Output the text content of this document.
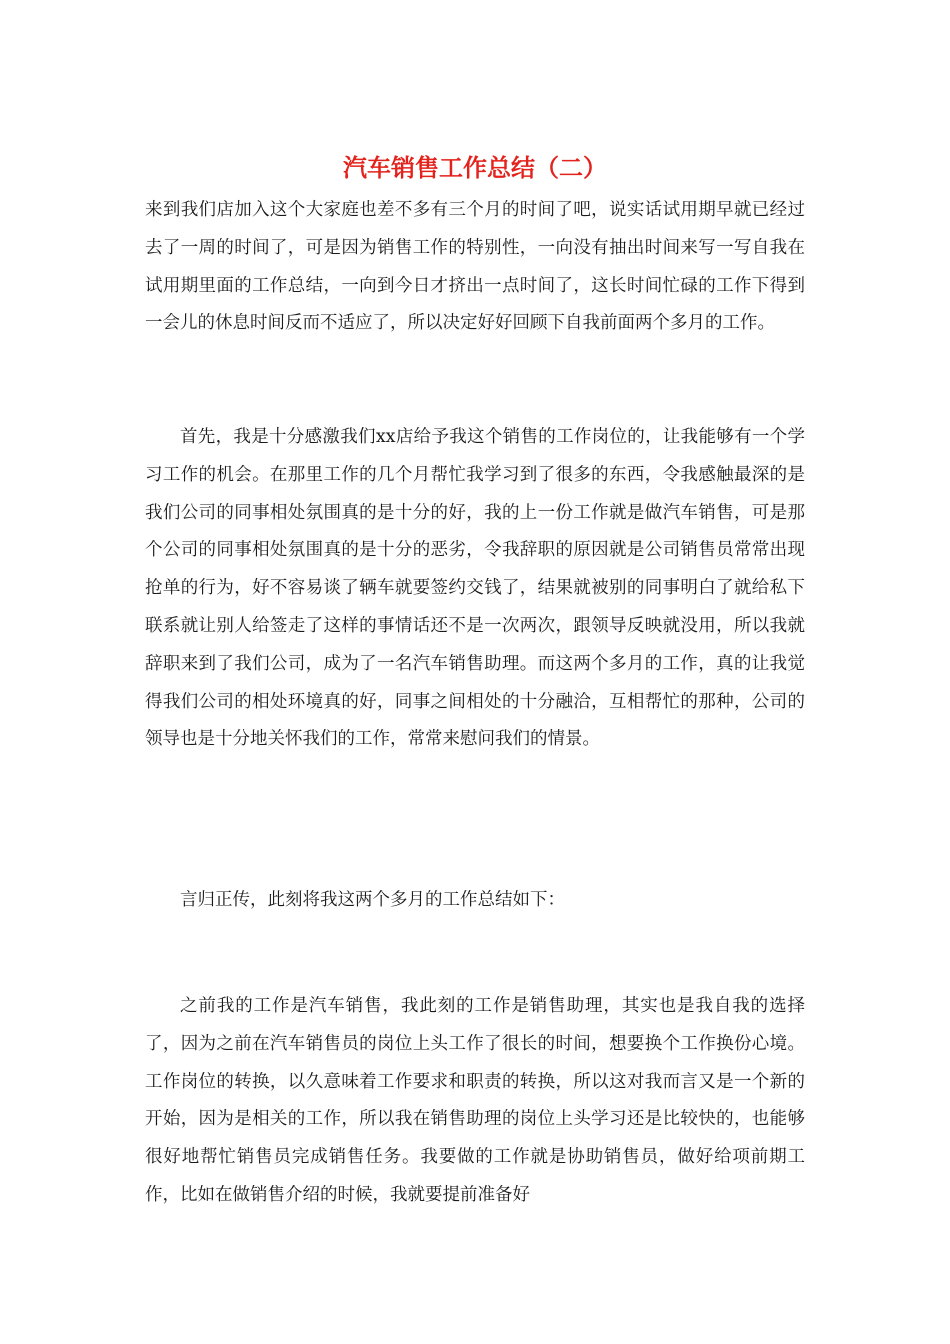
汽车销售工作总结（二）

来到我们店加入这个大家庭也差不多有三个月的时间了吧，说实话试用期早就已经过去了一周的时间了，可是因为销售工作的特别性，一向没有抽出时间来写一写自我在试用期里面的工作总结，一向到今日才挤出一点时间了，这长时间忙碌的工作下得到一会儿的休息时间反而不适应了，所以决定好好回顾下自我前面两个多月的工作。

首先，我是十分感激我们xx店给予我这个销售的工作岗位的，让我能够有一个学习工作的机会。在那里工作的几个月帮忙我学习到了很多的东西，令我感触最深的是我们公司的同事相处氛围真的是十分的好，我的上一份工作就是做汽车销售，可是那个公司的同事相处氛围真的是十分的恶劣，令我辞职的原因就是公司销售员常常出现抢单的行为，好不容易谈了辆车就要签约交钱了，结果就被别的同事明白了就给私下联系就让别人给签走了这样的事情话还不是一次两次，跟领导反映就没用，所以我就辞职来到了我们公司，成为了一名汽车销售助理。而这两个多月的工作，真的让我觉得我们公司的相处环境真的好，同事之间相处的十分融洽，互相帮忙的那种，公司的领导也是十分地关怀我们的工作，常常来慰问我们的情景。

言归正传，此刻将我这两个多月的工作总结如下：

之前我的工作是汽车销售，我此刻的工作是销售助理，其实也是我自我的选择了，因为之前在汽车销售员的岗位上头工作了很长的时间，想要换个工作换份心境。工作岗位的转换，以久意味着工作要求和职责的转换，所以这对我而言又是一个新的开始，因为是相关的工作，所以我在销售助理的岗位上头学习还是比较快的，也能够很好地帮忙销售员完成销售任务。我要做的工作就是协助销售员，做好给项前期工作，比如在做销售介绍的时候，我就要提前准备好
